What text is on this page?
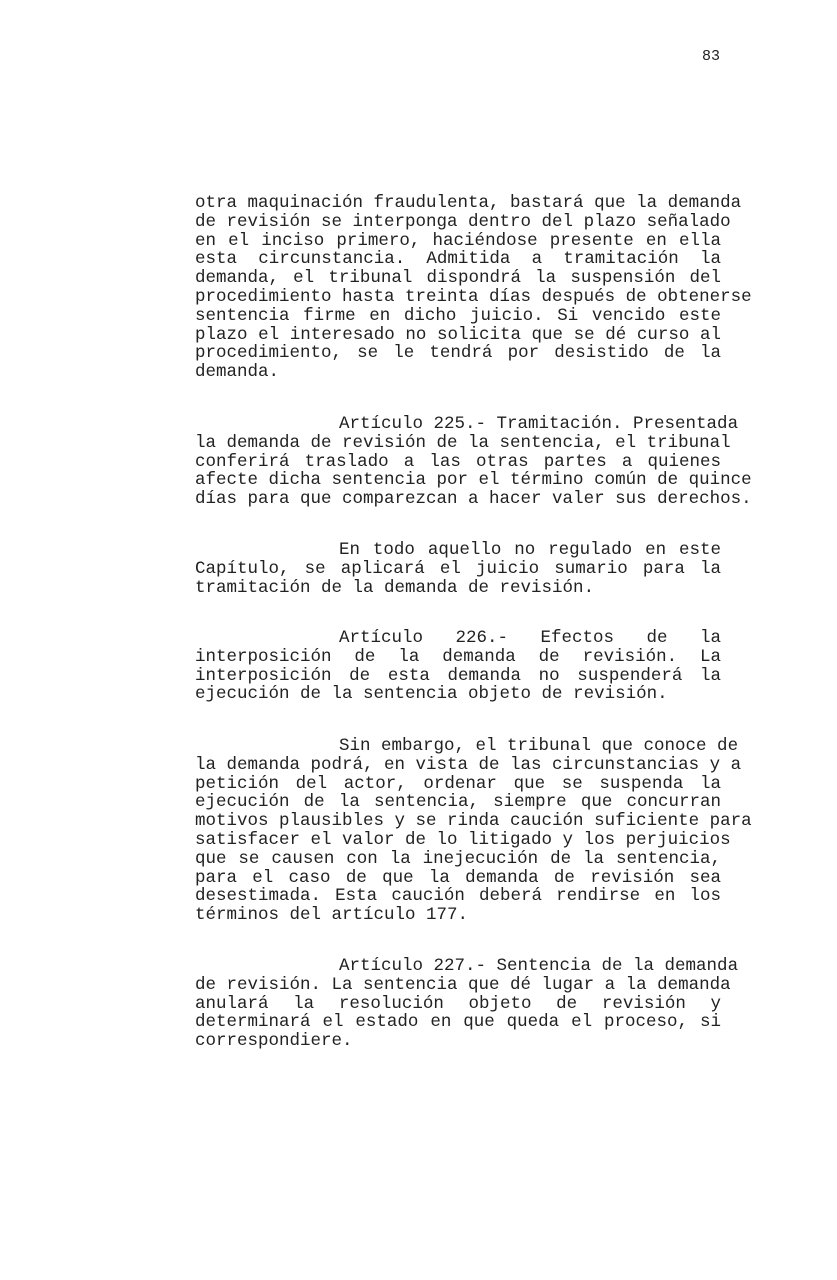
83
otra maquinación fraudulenta, bastará que la demanda
de revisión se interponga dentro del plazo señalado
en el inciso primero, haciéndose presente en ella
esta circunstancia. Admitida a tramitación la
demanda, el tribunal dispondrá la suspensión del
procedimiento hasta treinta días después de obtenerse
sentencia firme en dicho juicio. Si vencido este
plazo el interesado no solicita que se dé curso al
procedimiento, se le tendrá por desistido de la
demanda.
Artículo 225.- Tramitación. Presentada
la demanda de revisión de la sentencia, el tribunal
conferirá traslado a las otras partes a quienes
afecte dicha sentencia por el término común de quince
días para que comparezcan a hacer valer sus derechos.
En todo aquello no regulado en este
Capítulo, se aplicará el juicio sumario para la
tramitación de la demanda de revisión.
Artículo 226.- Efectos de la
interposición de la demanda de revisión. La
interposición de esta demanda no suspenderá la
ejecución de la sentencia objeto de revisión.
Sin embargo, el tribunal que conoce de
la demanda podrá, en vista de las circunstancias y a
petición del actor, ordenar que se suspenda la
ejecución de la sentencia, siempre que concurran
motivos plausibles y se rinda caución suficiente para
satisfacer el valor de lo litigado y los perjuicios
que se causen con la inejecución de la sentencia,
para el caso de que la demanda de revisión sea
desestimada. Esta caución deberá rendirse en los
términos del artículo 177.
Artículo 227.- Sentencia de la demanda
de revisión. La sentencia que dé lugar a la demanda
anulará la resolución objeto de revisión y
determinará el estado en que queda el proceso, si
correspondiere.
